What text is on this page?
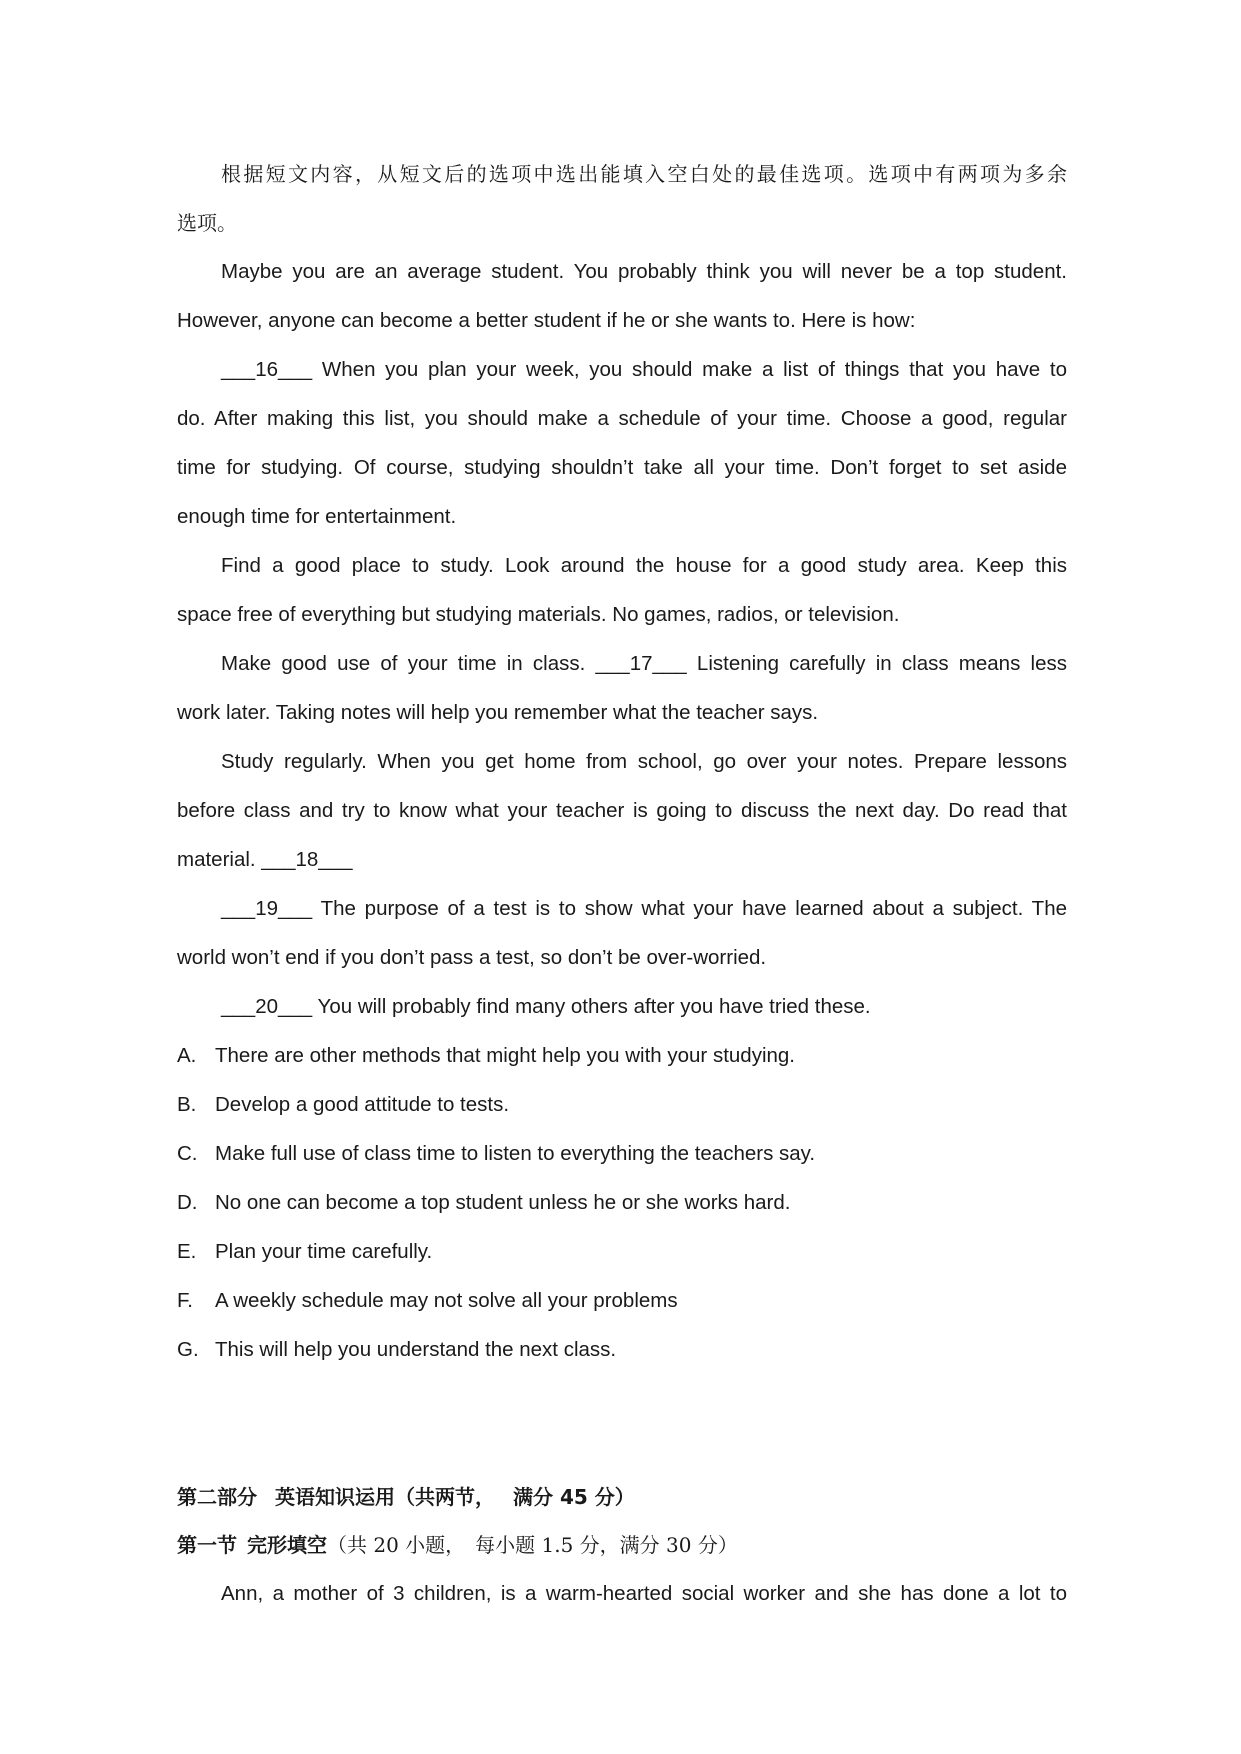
根据短文内容，从短文后的选项中选出能填入空白处的最佳选项。选项中有两项为多余
选项。
Maybe you are an average student. You probably think you will never be a top student.
However, anyone can become a better student if he or she wants to. Here is how:
___16___ When you plan your week, you should make a list of things that you have to
do. After making this list, you should make a schedule of your time. Choose a good, regular
time for studying. Of course, studying shouldn’t take all your time. Don’t forget to set aside
enough time for entertainment.
Find a good place to study. Look around the house for a good study area. Keep this
space free of everything but studying materials. No games, radios, or television.
Make good use of your time in class. ___17___ Listening carefully in class means less
work later. Taking notes will help you remember what the teacher says.
Study regularly. When you get home from school, go over your notes. Prepare lessons
before class and try to know what your teacher is going to discuss the next day. Do read that
material. ___18___
___19___ The purpose of a test is to show what your have learned about a subject. The
world won’t end if you don’t pass a test, so don’t be over-worried.
___20___ You will probably find many others after you have tried these.
A. There are other methods that might help you with your studying.
B. Develop a good attitude to tests.
C. Make full use of class time to listen to everything the teachers say.
D. No one can become a top student unless he or she works hard.
E. Plan your time carefully.
F. A weekly schedule may not solve all your problems
G. This will help you understand the next class.
第二部分 英语知识运用（共两节， 满分 45 分）
第一节 完形填空（共 20 小题，　每小题 1.5 分，满分 30 分）
Ann, a mother of 3 children, is a warm-hearted social worker and she has done a lot to
